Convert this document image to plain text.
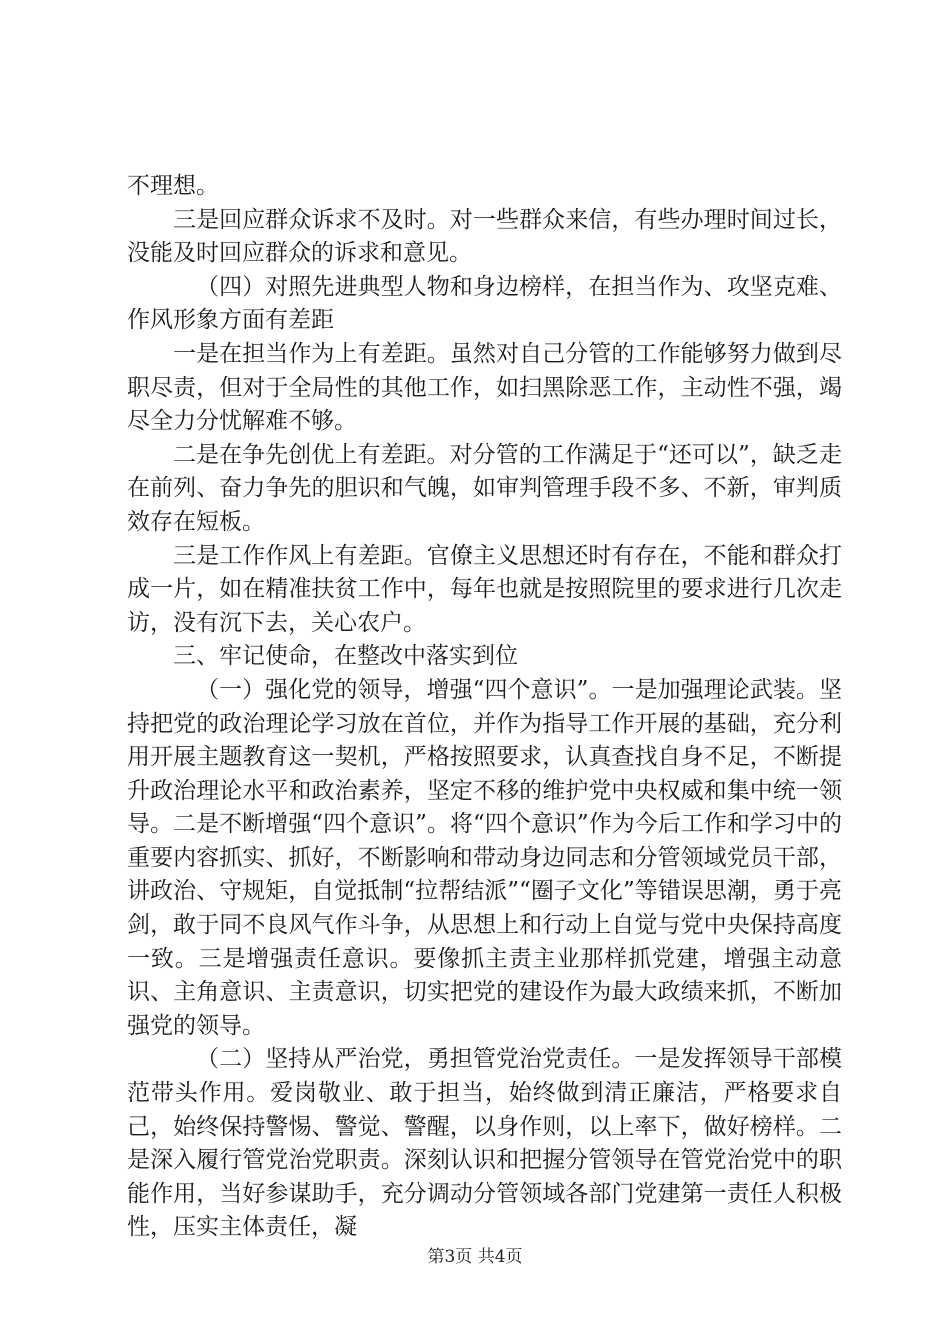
不理想。

三是回应群众诉求不及时。对一些群众来信，有些办理时间过长，没能及时回应群众的诉求和意见。

（四）对照先进典型人物和身边榜样，在担当作为、攻坚克难、作风形象方面有差距

一是在担当作为上有差距。虽然对自己分管的工作能够努力做到尽职尽责，但对于全局性的其他工作，如扫黑除恶工作，主动性不强，竭尽全力分忧解难不够。

二是在争先创优上有差距。对分管的工作满足于“还可以”，缺乏走在前列、奋力争先的胆识和气魄，如审判管理手段不多、不新，审判质效存在短板。

三是工作作风上有差距。官僚主义思想还时有存在，不能和群众打成一片，如在精准扶贫工作中，每年也就是按照院里的要求进行几次走访，没有沉下去，关心农户。

三、牢记使命，在整改中落实到位

（一）强化党的领导，增强“四个意识”。一是加强理论武装。坚持把党的政治理论学习放在首位，并作为指导工作开展的基础，充分利用开展主题教育这一契机，严格按照要求，认真查找自身不足，不断提升政治理论水平和政治素养，坚定不移的维护党中央权威和集中统一领导。二是不断增强“四个意识”。将“四个意识”作为今后工作和学习中的重要内容抓实、抓好，不断影响和带动身边同志和分管领域党员干部，讲政治、守规矩，自觉抵制“拉帮结派”“圈子文化”等错误思潮，勇于亮剑，敢于同不良风气作斗争，从思想上和行动上自觉与党中央保持高度一致。三是增强责任意识。要像抓主责主业那样抓党建，增强主动意识、主角意识、主责意识，切实把党的建设作为最大政绩来抓，不断加强党的领导。

（二）坚持从严治党，勇担管党治党责任。一是发挥领导干部模范带头作用。爱岗敬业、敢于担当，始终做到清正廉洁，严格要求自己，始终保持警惕、警觉、警醒，以身作则，以上率下，做好榜样。二是深入履行管党治党职责。深刻认识和把握分管领导在管党治党中的职能作用，当好参谋助手，充分调动分管领域各部门党建第一责任人积极性，压实主体责任，凝

第3页 共4页
